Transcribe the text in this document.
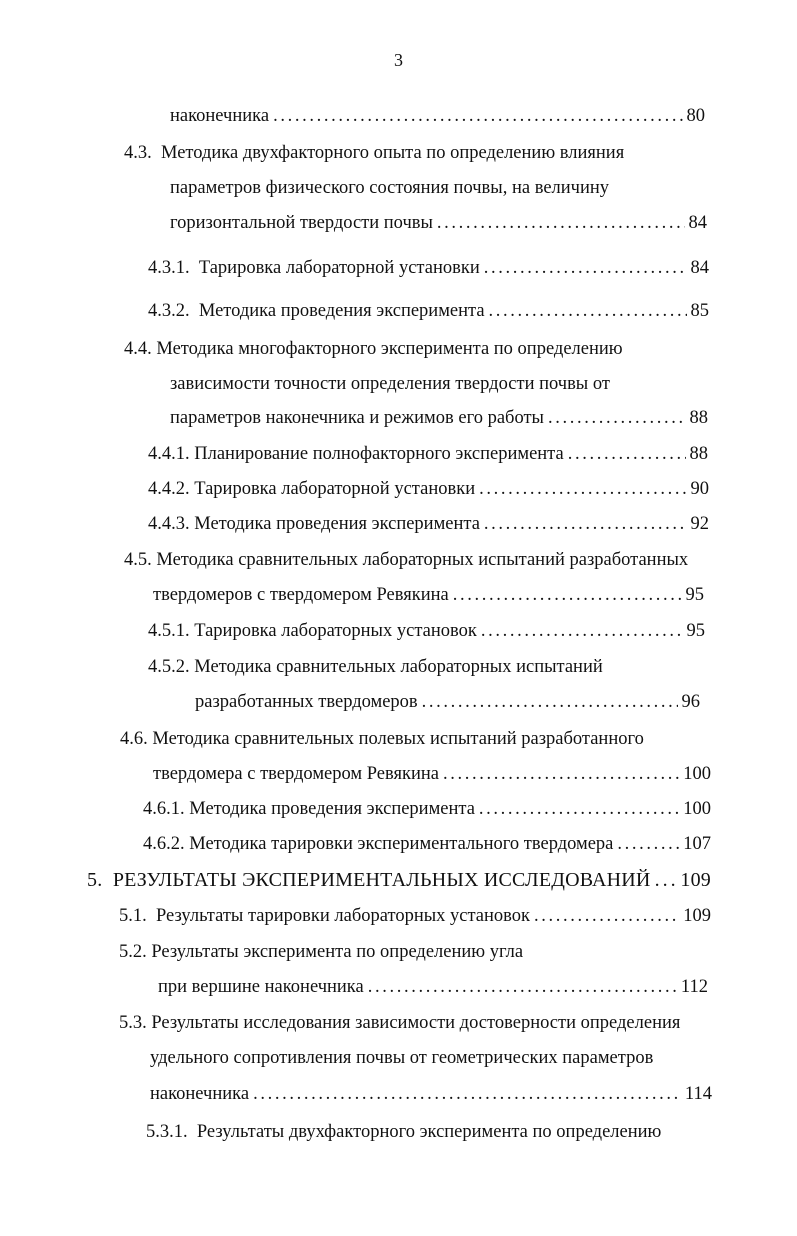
3
наконечника . . .	80
4.3. Методика двухфакторного опыта по определению влияния
параметров физического состояния почвы, на величину
горизонтальной твердости почвы . . .	84
4.3.1. Тарировка лабораторной установки . . .	84
4.3.2. Методика проведения эксперимента . . .	85
4.4. Методика многофакторного эксперимента по определению
зависимости точности определения твердости почвы от
параметров наконечника и режимов его работы . . .	88
4.4.1. Планирование полнофакторного эксперимента . . .	88
4.4.2. Тарировка лабораторной установки . . .	90
4.4.3. Методика проведения эксперимента . . .	92
4.5. Методика сравнительных лабораторных испытаний разработанных
твердомеров с твердомером Ревякина . . .	95
4.5.1. Тарировка лабораторных установок . . .	95
4.5.2. Методика сравнительных лабораторных испытаний
разработанных твердомеров . . .	96
4.6. Методика сравнительных полевых испытаний разработанного
твердомера с твердомером Ревякина . . .	100
4.6.1. Методика проведения эксперимента . . .	100
4.6.2. Методика тарировки экспериментального твердомера . . .	107
5. РЕЗУЛЬТАТЫ ЭКСПЕРИМЕНТАЛЬНЫХ ИССЛЕДОВАНИЙ . . . 109
5.1. Результаты тарировки лабораторных установок . . .	109
5.2. Результаты эксперимента по определению угла
при вершине наконечника . . .	112
5.3. Результаты исследования зависимости достоверности определения
удельного сопротивления почвы от геометрических параметров
наконечника . . .	114
5.3.1. Результаты двухфакторного эксперимента по определению
